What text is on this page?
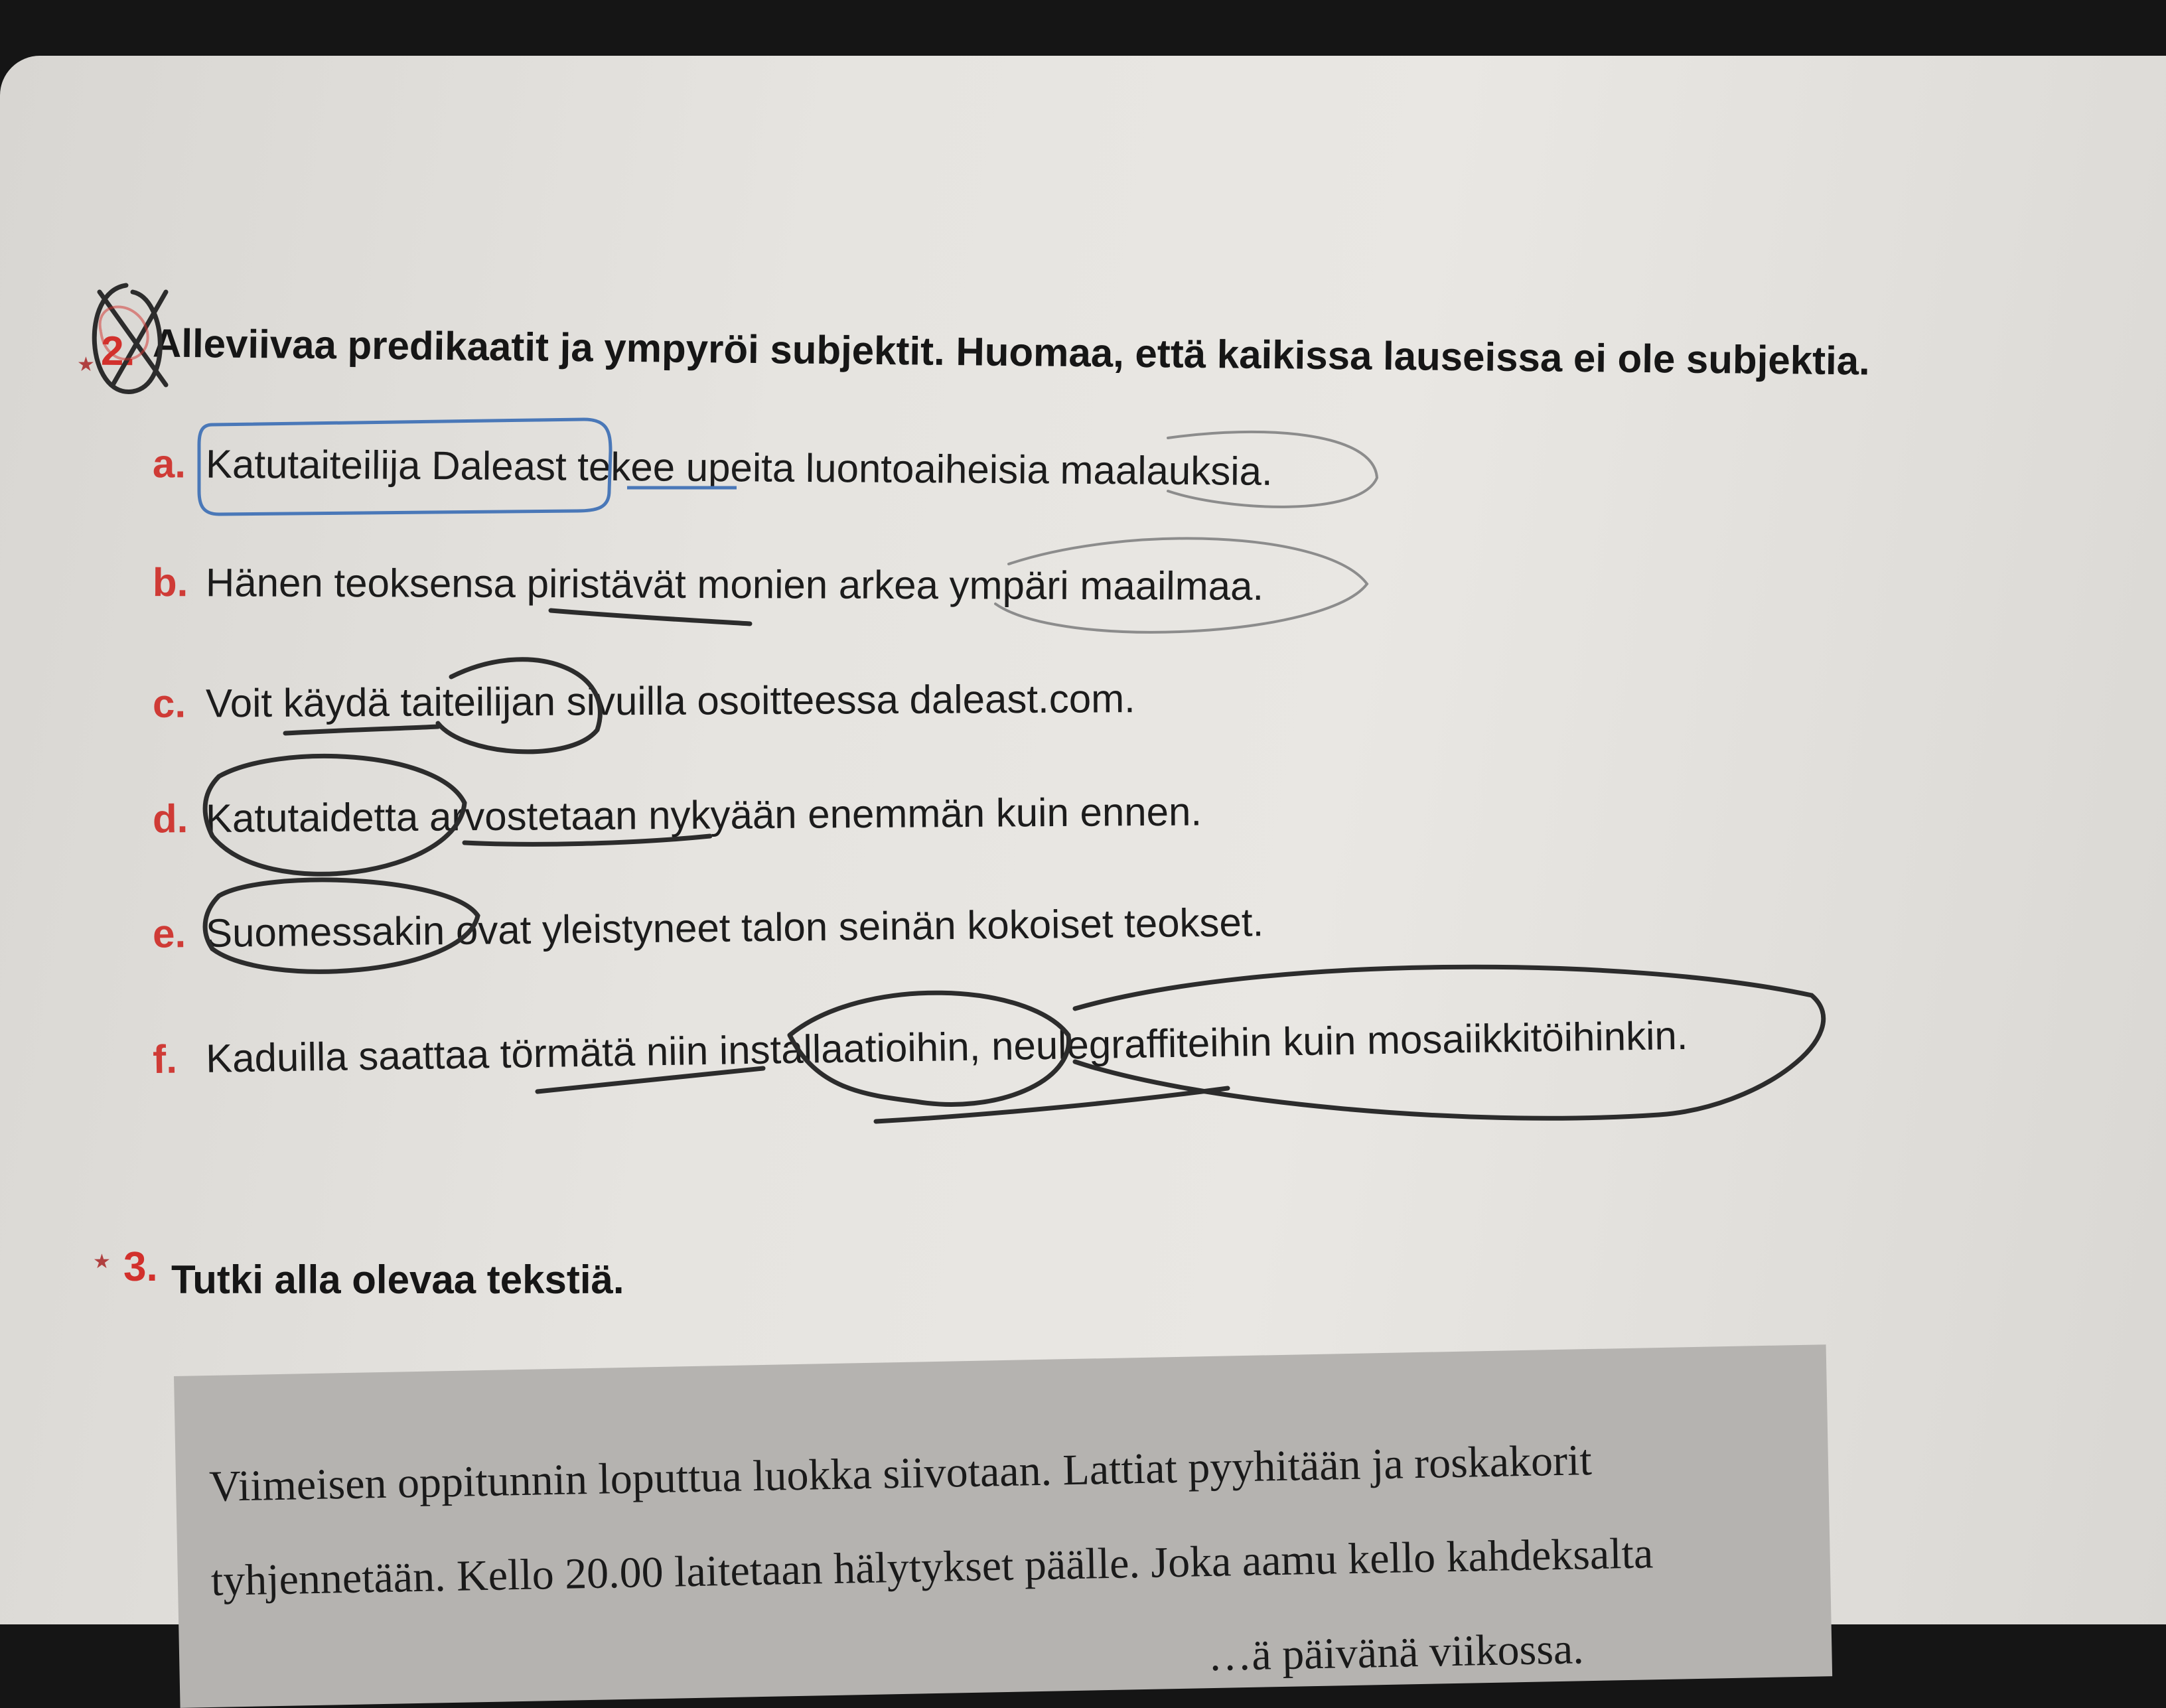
★ 2. Alleviivaa predikaatit ja ympyröi subjektit. Huomaa, että kaikissa lauseissa ei ole subjektia.
a. Katutaiteilija Daleast tekee upeita luontoaiheisia maalauksia.
b. Hänen teoksensa piristävät monien arkea ympäri maailmaa.
c. Voit käydä taiteilijan sivuilla osoitteessa daleast.com.
d. Katutaidetta arvostetaan nykyään enemmän kuin ennen.
e. Suomessakin ovat yleistyneet talon seinän kokoiset teokset.
f. Kaduilla saattaa törmätä niin installaatioihin, neulegraffiteihin kuin mosaiikkitöihinkin.
★ 3. Tutki alla olevaa tekstiä.
Viimeisen oppitunnin loputtua luokka siivotaan. Lattiat pyyhitään ja roskakorit
tyhjennetään. Kello 20.00 laitetaan hälytykset päälle. Joka aamu kello kahdeksalta
…ä päivänä viikossa.
